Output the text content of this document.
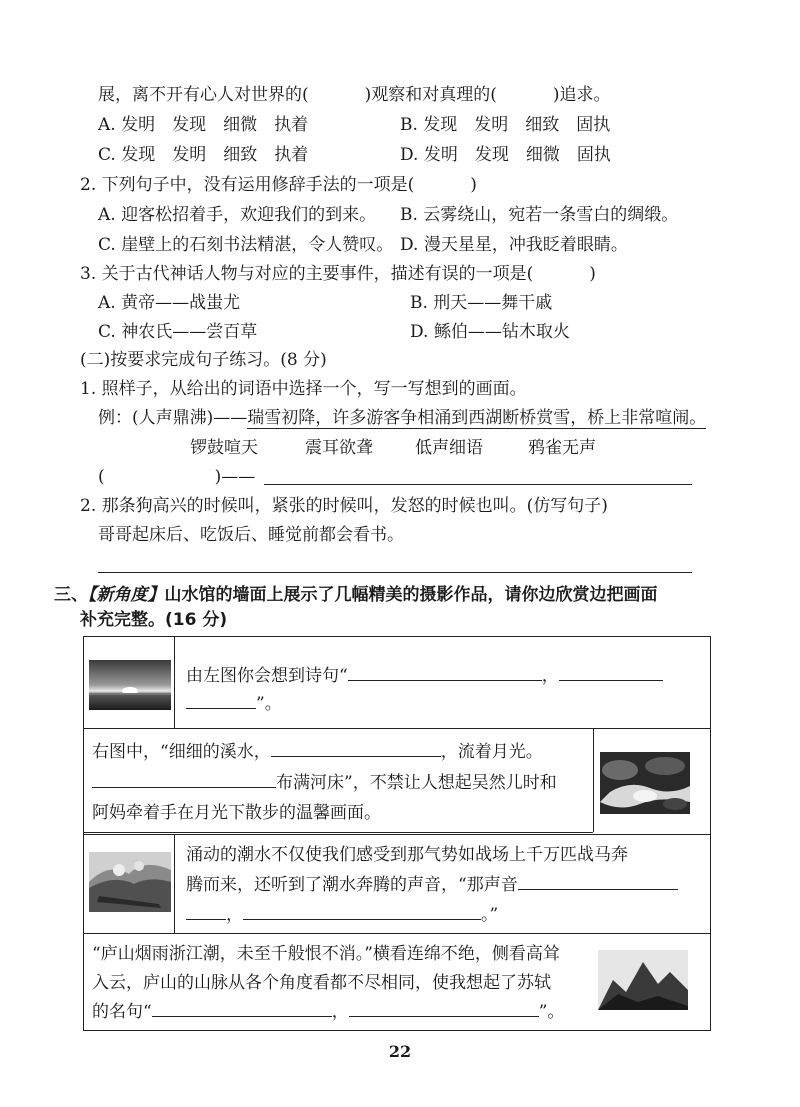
展，离不开有心人对世界的(	)观察和对真理的(	)追求。
A. 发明　发现　细微　执着	B. 发现　发明　细致　固执
C. 发现　发明　细致　执着	D. 发明　发现　细微　固执
2. 下列句子中，没有运用修辞手法的一项是(	)
A. 迎客松招着手，欢迎我们的到来。 B. 云雾绕山，宛若一条雪白的绸缎。
C. 崖壁上的石刻书法精湛，令人赞叹。 D. 漫天星星，冲我眨着眼睛。
3. 关于古代神话人物与对应的主要事件，描述有误的一项是(	)
A. 黄帝——战蚩尤	B. 刑天——舞干戚
C. 神农氏——尝百草	D. 鲧伯——钻木取火
(二)按要求完成句子练习。(8 分)
1. 照样子，从给出的词语中选择一个，写一写想到的画面。
例：(人声鼎沸)——瑞雪初降，许多游客争相涌到西湖断桥赏雪，桥上非常喧闹。
锣鼓喧天	震耳欲聋 低声细语	鸦雀无声
(	)——
2. 那条狗高兴的时候叫，紧张的时候叫，发怒的时候也叫。(仿写句子)
哥哥起床后、吃饭后、睡觉前都会看书。
三、【新角度】山水馆的墙面上展示了几幅精美的摄影作品，请你边欣赏边把画面
补充完整。(16 分)
由左图你会想到诗句“	，
”。
右图中，“细细的溪水，	，流着月光。
布满河床”，不禁让人想起吴然儿时和
阿妈牵着手在月光下散步的温馨画面。
涌动的潮水不仅使我们感受到那气势如战场上千万匹战马奔
腾而来，还听到了潮水奔腾的声音，“那声音
，	。”
“庐山烟雨浙江潮，未至千般恨不消。”横看连绵不绝，侧看高耸
入云，庐山的山脉从各个角度看都不尽相同，使我想起了苏轼
的名句“	，	”。
22
